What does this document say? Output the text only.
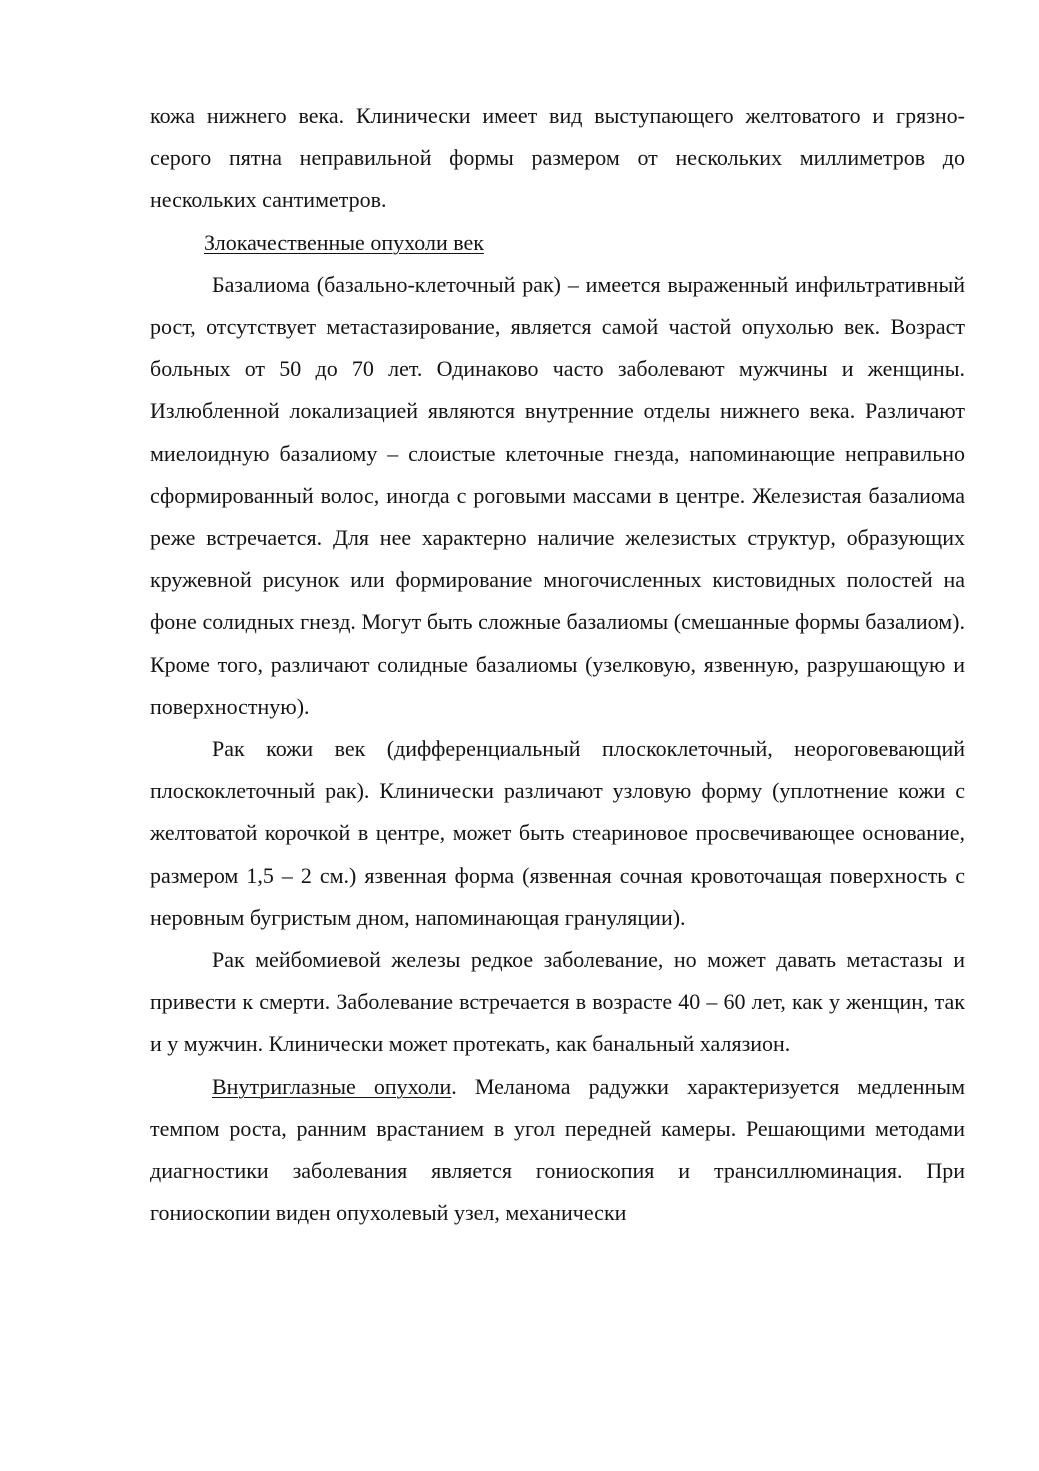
кожа нижнего века. Клинически имеет вид выступающего желтоватого и грязно-серого пятна неправильной формы размером от нескольких миллиметров до нескольких сантиметров.

Злокачественные опухоли век

Базалиома (базально-клеточный рак) – имеется выраженный инфильтративный рост, отсутствует метастазирование, является самой частой опухолью век. Возраст больных от 50 до 70 лет. Одинаково часто заболевают мужчины и женщины. Излюбленной локализацией являются внутренние отделы нижнего века. Различают миелоидную базалиому – слоистые клеточные гнезда, напоминающие неправильно сформированный волос, иногда с роговыми массами в центре. Железистая базалиома реже встречается. Для нее характерно наличие железистых структур, образующих кружевной рисунок или формирование многочисленных кистовидных полостей на фоне солидных гнезд. Могут быть сложные базалиомы (смешанные формы базалиом). Кроме того, различают солидные базалиомы (узелковую, язвенную, разрушающую и поверхностную).

Рак кожи век (дифференциальный плоскоклеточный, неороговевающий плоскоклеточный рак). Клинически различают узловую форму (уплотнение кожи с желтоватой корочкой в центре, может быть стеариновое просвечивающее основание, размером 1,5 – 2 см.) язвенная форма (язвенная сочная кровоточащая поверхность с неровным бугристым дном, напоминающая грануляции).

Рак мейбомиевой железы редкое заболевание, но может давать метастазы и привести к смерти. Заболевание встречается в возрасте 40 – 60 лет, как у женщин, так и у мужчин. Клинически может протекать, как банальный халязион.

Внутриглазные опухоли. Меланома радужки характеризуется медленным темпом роста, ранним врастанием в угол передней камеры. Решающими методами диагностики заболевания является гониоскопия и трансиллюминация. При гониоскопии виден опухолевый узел, механически
